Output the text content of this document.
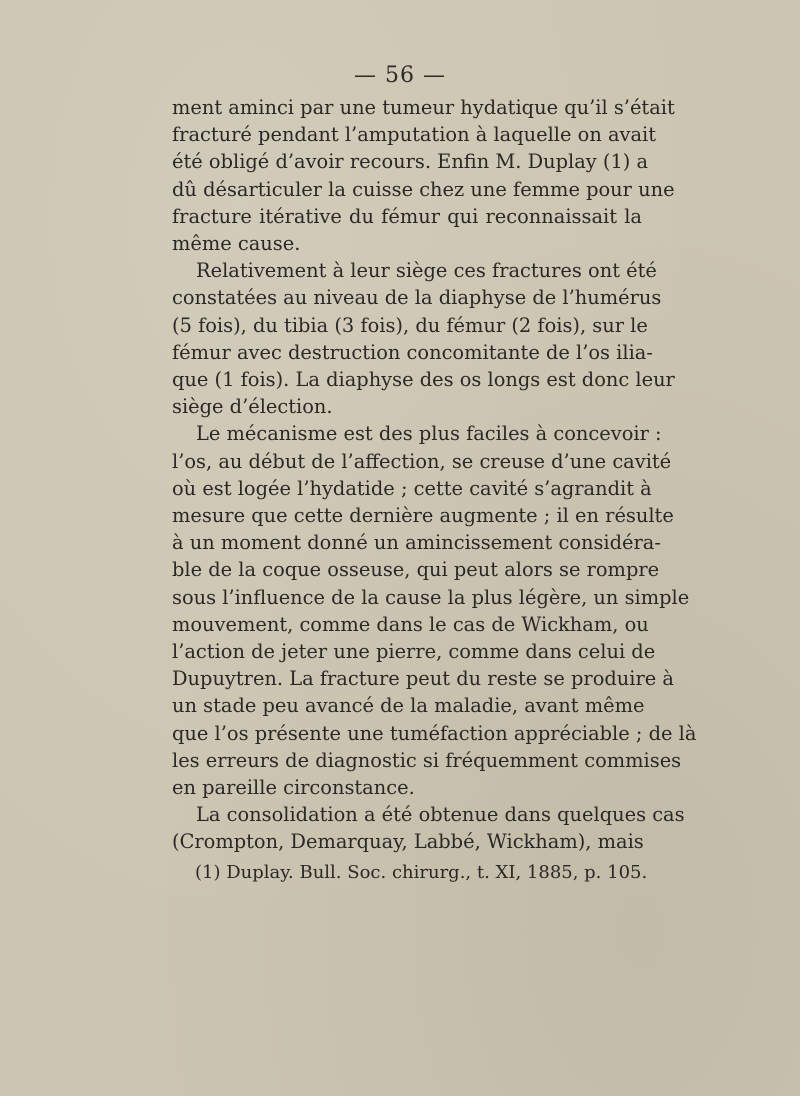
— 56 —
ment aminci par une tumeur hydatique qu’il s’était
fracturé pendant l’amputation à laquelle on avait
été obligé d’avoir recours. Enfin M. Duplay (1) a
dû désarticuler la cuisse chez une femme pour une
fracture itérative du fémur qui reconnaissait la
même cause.
Relativement à leur siège ces fractures ont été
constatées au niveau de la diaphyse de l’humérus
(5 fois), du tibia (3 fois), du fémur (2 fois), sur le
fémur avec destruction concomitante de l’os ilia-
que (1 fois). La diaphyse des os longs est donc leur
siège d’élection.
Le mécanisme est des plus faciles à concevoir :
l’os, au début de l’affection, se creuse d’une cavité
où est logée l’hydatide ; cette cavité s’agrandit à
mesure que cette dernière augmente ; il en résulte
à un moment donné un amincissement considéra-
ble de la coque osseuse, qui peut alors se rompre
sous l’influence de la cause la plus légère, un simple
mouvement, comme dans le cas de Wickham, ou
l’action de jeter une pierre, comme dans celui de
Dupuytren. La fracture peut du reste se produire à
un stade peu avancé de la maladie, avant même
que l’os présente une tuméfaction appréciable ; de là
les erreurs de diagnostic si fréquemment commises
en pareille circonstance.
La consolidation a été obtenue dans quelques cas
(Crompton, Demarquay, Labbé, Wickham), mais
(1) Duplay. Bull. Soc. chirurg., t. XI, 1885, p. 105.
